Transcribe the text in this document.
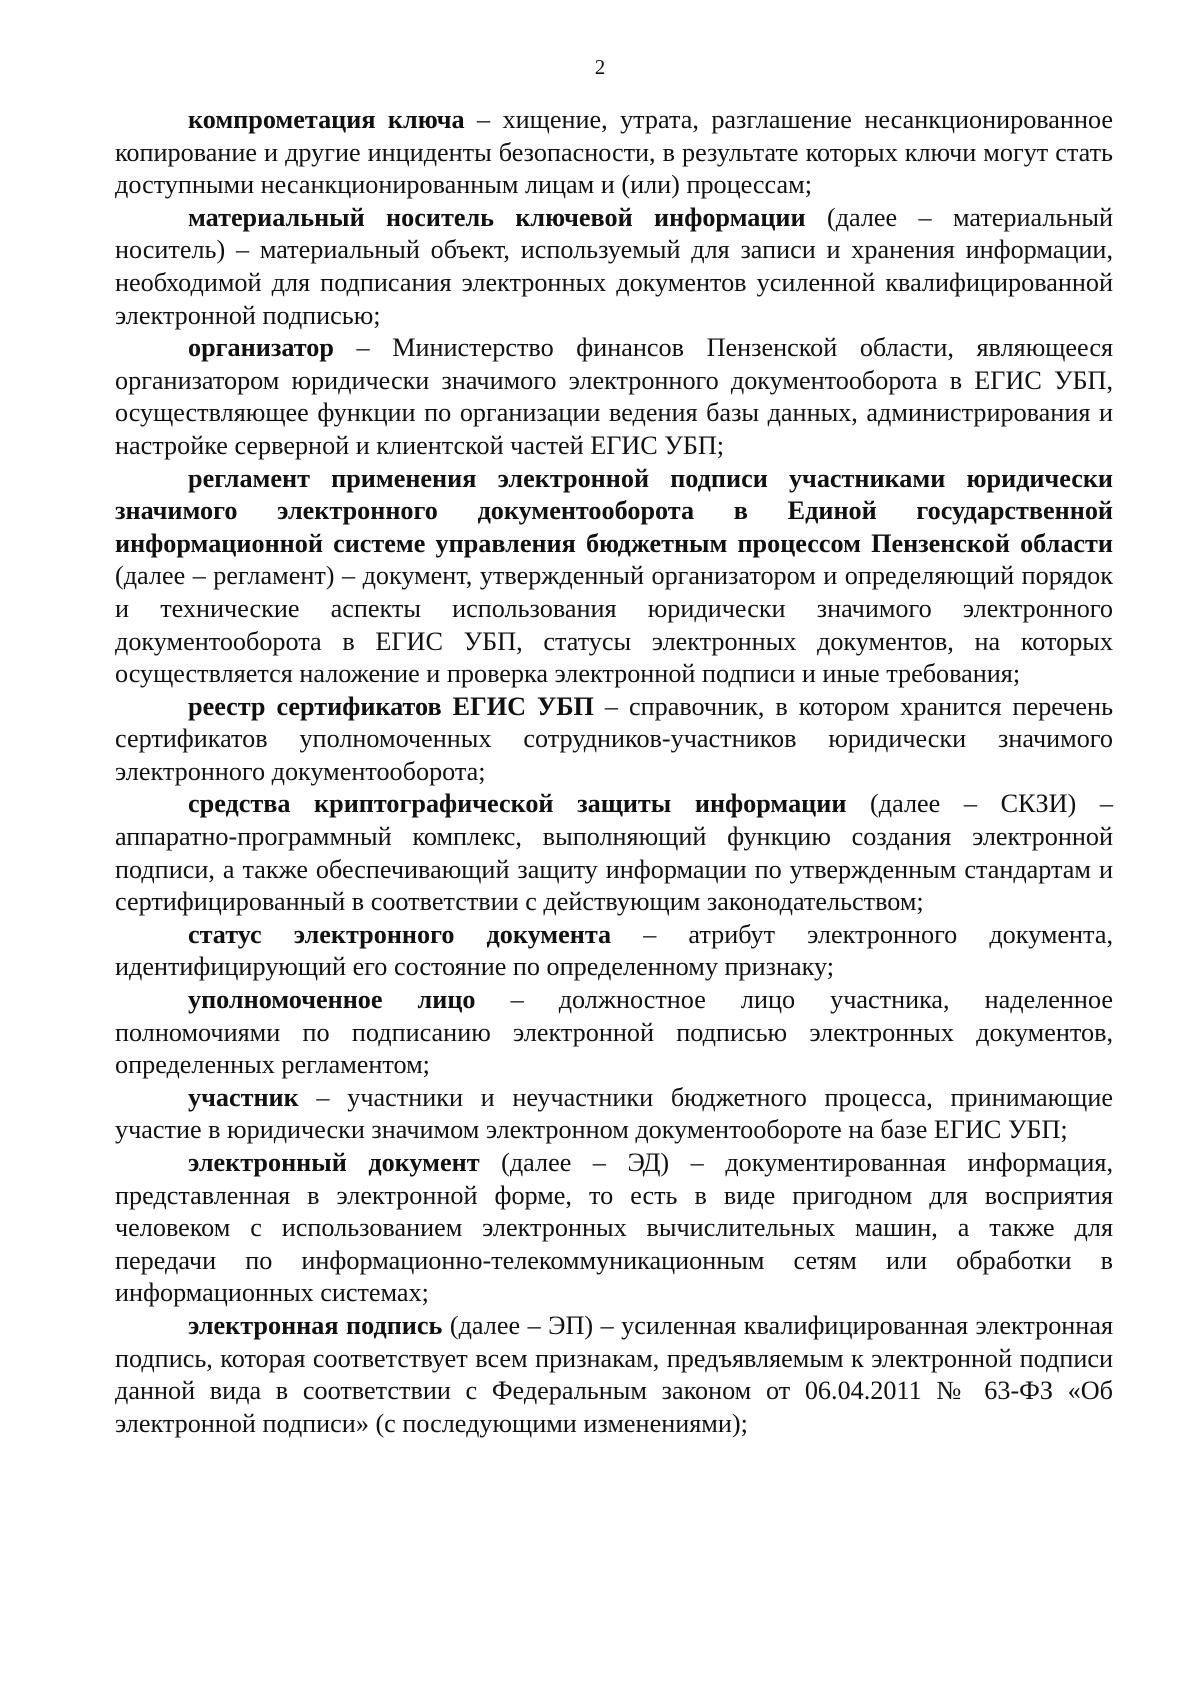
2

компрометация ключа – хищение, утрата, разглашение несанкционированное копирование и другие инциденты безопасности, в результате которых ключи могут стать доступными несанкционированным лицам и (или) процессам;

материальный носитель ключевой информации (далее – материальный носитель) – материальный объект, используемый для записи и хранения информации, необходимой для подписания электронных документов усиленной квалифицированной электронной подписью;

организатор – Министерство финансов Пензенской области, являющееся организатором юридически значимого электронного документооборота в ЕГИС УБП, осуществляющее функции по организации ведения базы данных, администрирования и настройке серверной и клиентской частей ЕГИС УБП;

регламент применения электронной подписи участниками юридически значимого электронного документооборота в Единой государственной информационной системе управления бюджетным процессом Пензенской области (далее – регламент) – документ, утвержденный организатором и определяющий порядок и технические аспекты использования юридически значимого электронного документооборота в ЕГИС УБП, статусы электронных документов, на которых осуществляется наложение и проверка электронной подписи и иные требования;

реестр сертификатов ЕГИС УБП – справочник, в котором хранится перечень сертификатов уполномоченных сотрудников-участников юридически значимого электронного документооборота;

средства криптографической защиты информации (далее – СКЗИ) – аппаратно-программный комплекс, выполняющий функцию создания электронной подписи, а также обеспечивающий защиту информации по утвержденным стандартам и сертифицированный в соответствии с действующим законодательством;

статус электронного документа – атрибут электронного документа, идентифицирующий его состояние по определенному признаку;

уполномоченное лицо – должностное лицо участника, наделенное полномочиями по подписанию электронной подписью электронных документов, определенных регламентом;

участник – участники и неучастники бюджетного процесса, принимающие участие в юридически значимом электронном документообороте на базе ЕГИС УБП;

электронный документ (далее – ЭД) – документированная информация, представленная в электронной форме, то есть в виде пригодном для восприятия человеком с использованием электронных вычислительных машин, а также для передачи по информационно-телекоммуникационным сетям или обработки в информационных системах;

электронная подпись (далее – ЭП) – усиленная квалифицированная электронная подпись, которая соответствует всем признакам, предъявляемым к электронной подписи данной вида в соответствии с Федеральным законом от 06.04.2011 № 63-ФЗ «Об электронной подписи» (с последующими изменениями);
